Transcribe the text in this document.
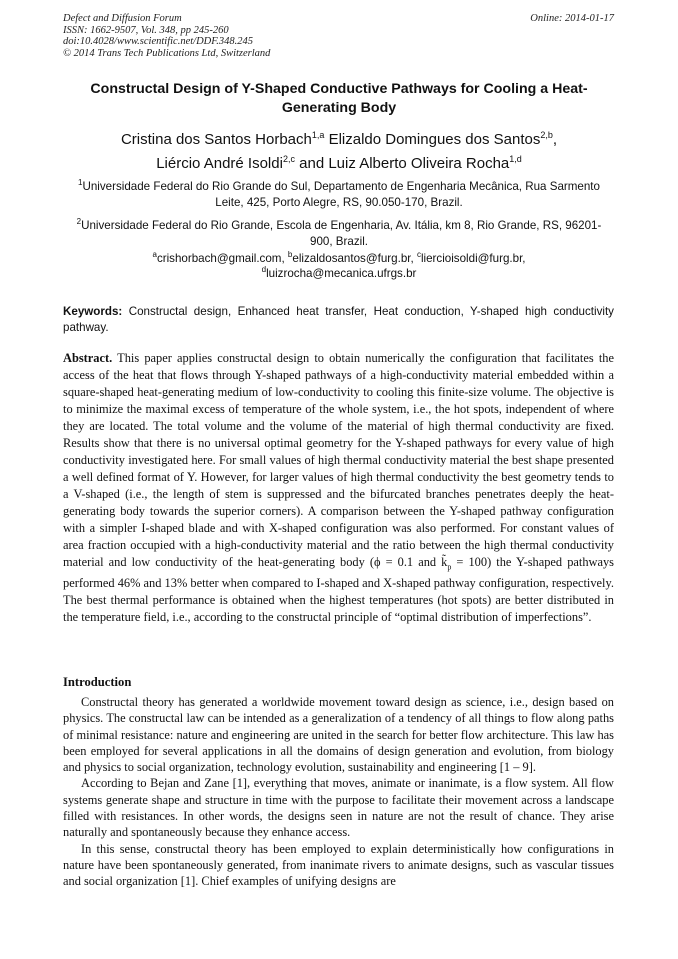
Defect and Diffusion Forum
ISSN: 1662-9507, Vol. 348, pp 245-260
doi:10.4028/www.scientific.net/DDF.348.245
© 2014 Trans Tech Publications Ltd, Switzerland
Online: 2014-01-17
Constructal Design of Y-Shaped Conductive Pathways for Cooling a Heat-Generating Body
Cristina dos Santos Horbach$^{1,a}$ Elizaldo Domingues dos Santos$^{2,b}$,
Liércio André Isoldi$^{2,c}$ and Luiz Alberto Oliveira Rocha$^{1,d}$
$^1$Universidade Federal do Rio Grande do Sul, Departamento de Engenharia Mecânica, Rua Sarmento Leite, 425, Porto Alegre, RS, 90.050-170, Brazil.
$^2$Universidade Federal do Rio Grande, Escola de Engenharia, Av. Itália, km 8, Rio Grande, RS, 96201-900, Brazil.
$^a$crishorbach@gmail.com, $^b$elizaldosantos@furg.br, $^c$liercioisoldi@furg.br,
$^d$luizrocha@mecanica.ufrgs.br
Keywords: Constructal design, Enhanced heat transfer, Heat conduction, Y-shaped high conductivity pathway.
Abstract. This paper applies constructal design to obtain numerically the configuration that facilitates the access of the heat that flows through Y-shaped pathways of a high-conductivity material embedded within a square-shaped heat-generating medium of low-conductivity to cooling this finite-size volume. The objective is to minimize the maximal excess of temperature of the whole system, i.e., the hot spots, independent of where they are located. The total volume and the volume of the material of high thermal conductivity are fixed. Results show that there is no universal optimal geometry for the Y-shaped pathways for every value of high conductivity investigated here. For small values of high thermal conductivity material the best shape presented a well defined format of Y. However, for larger values of high thermal conductivity the best geometry tends to a V-shaped (i.e., the length of stem is suppressed and the bifurcated branches penetrates deeply the heat-generating body towards the superior corners). A comparison between the Y-shaped pathway configuration with a simpler I-shaped blade and with X-shaped configuration was also performed. For constant values of area fraction occupied with a high-conductivity material and the ratio between the high thermal conductivity material and low conductivity of the heat-generating body (ϕ = 0.1 and $k̃_p = 100$) the Y-shaped pathways performed 46% and 13% better when compared to I-shaped and X-shaped pathway configuration, respectively. The best thermal performance is obtained when the highest temperatures (hot spots) are better distributed in the temperature field, i.e., according to the constructal principle of “optimal distribution of imperfections”.
Introduction

Constructal theory has generated a worldwide movement toward design as science, i.e., design based on physics. The constructal law can be intended as a generalization of a tendency of all things to flow along paths of minimal resistance: nature and engineering are united in the search for better flow architecture. This law has been employed for several applications in all the domains of design generation and evolution, from biology and physics to social organization, technology evolution, sustainability and engineering [1 – 9].

According to Bejan and Zane [1], everything that moves, animate or inanimate, is a flow system. All flow systems generate shape and structure in time with the purpose to facilitate their movement across a landscape filled with resistances. In other words, the designs seen in nature are not the result of chance. They arise naturally and spontaneously because they enhance access.

In this sense, constructal theory has been employed to explain deterministically how configurations in nature have been spontaneously generated, from inanimate rivers to animate designs, such as vascular tissues and social organization [1]. Chief examples of unifying designs are
